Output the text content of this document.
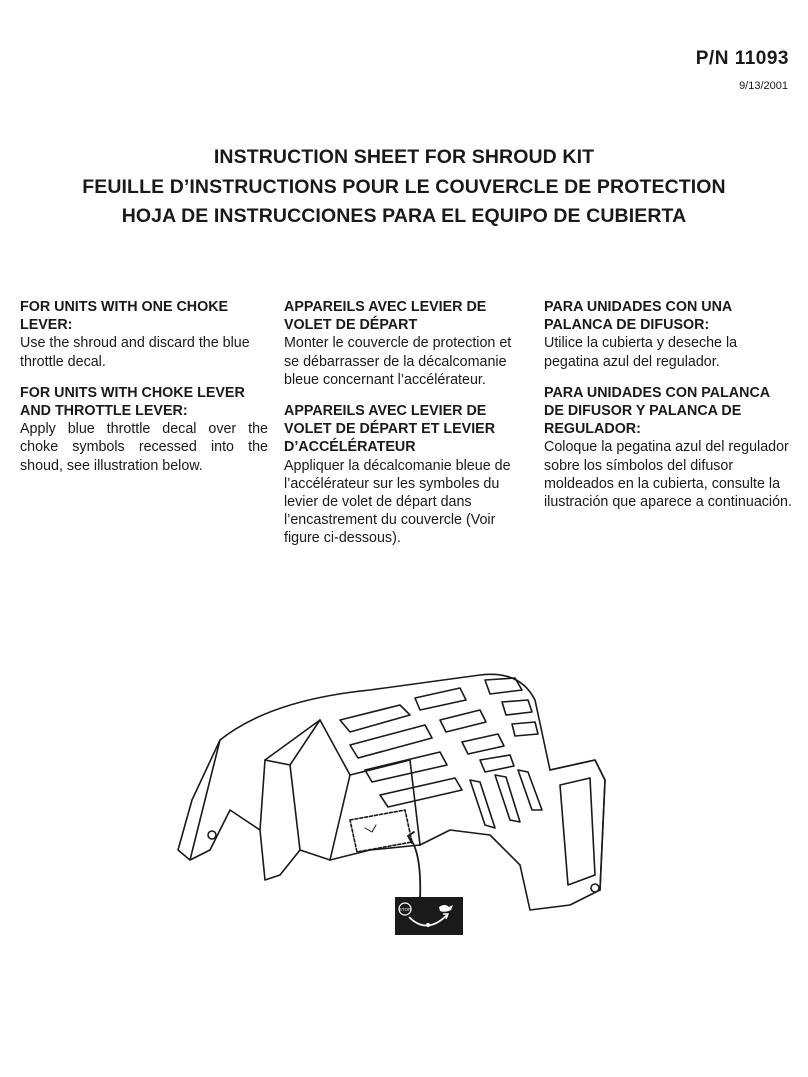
P/N 11093
9/13/2001

INSTRUCTION SHEET FOR SHROUD KIT

FEUILLE D’INSTRUCTIONS POUR LE COUVERCLE DE PROTECTION

HOJA DE INSTRUCCIONES PARA EL EQUIPO DE CUBIERTA

FOR UNITS WITH ONE CHOKE LEVER:

Use the shroud and discard the blue throttle decal.

FOR UNITS WITH CHOKE LEVER AND THROTTLE LEVER:

Apply blue throttle decal over the choke symbols recessed into the shoud, see illustration below.

APPAREILS AVEC LEVIER DE VOLET DE DÉPART

Monter le couvercle de protection et se débarrasser de la décalcomanie bleue concernant l’accélérateur.

APPAREILS AVEC LEVIER DE VOLET DE DÉPART ET LEVIER D’ACCÉLÉRATEUR

Appliquer la décalcomanie bleue de l’accélérateur sur les symboles du levier de volet de départ dans l’encastrement du couvercle (Voir figure ci-dessous).

PARA UNIDADES CON UNA PALANCA DE DIFUSOR:

Utilice la cubierta y deseche la pegatina azul del regulador.

PARA UNIDADES CON PALANCA DE DIFUSOR Y PALANCA DE REGULADOR:

Coloque la pegatina azul del regulador sobre los símbolos del difusor moldeados en la cubierta, consulte la ilustración que aparece a continuación.

STOP
